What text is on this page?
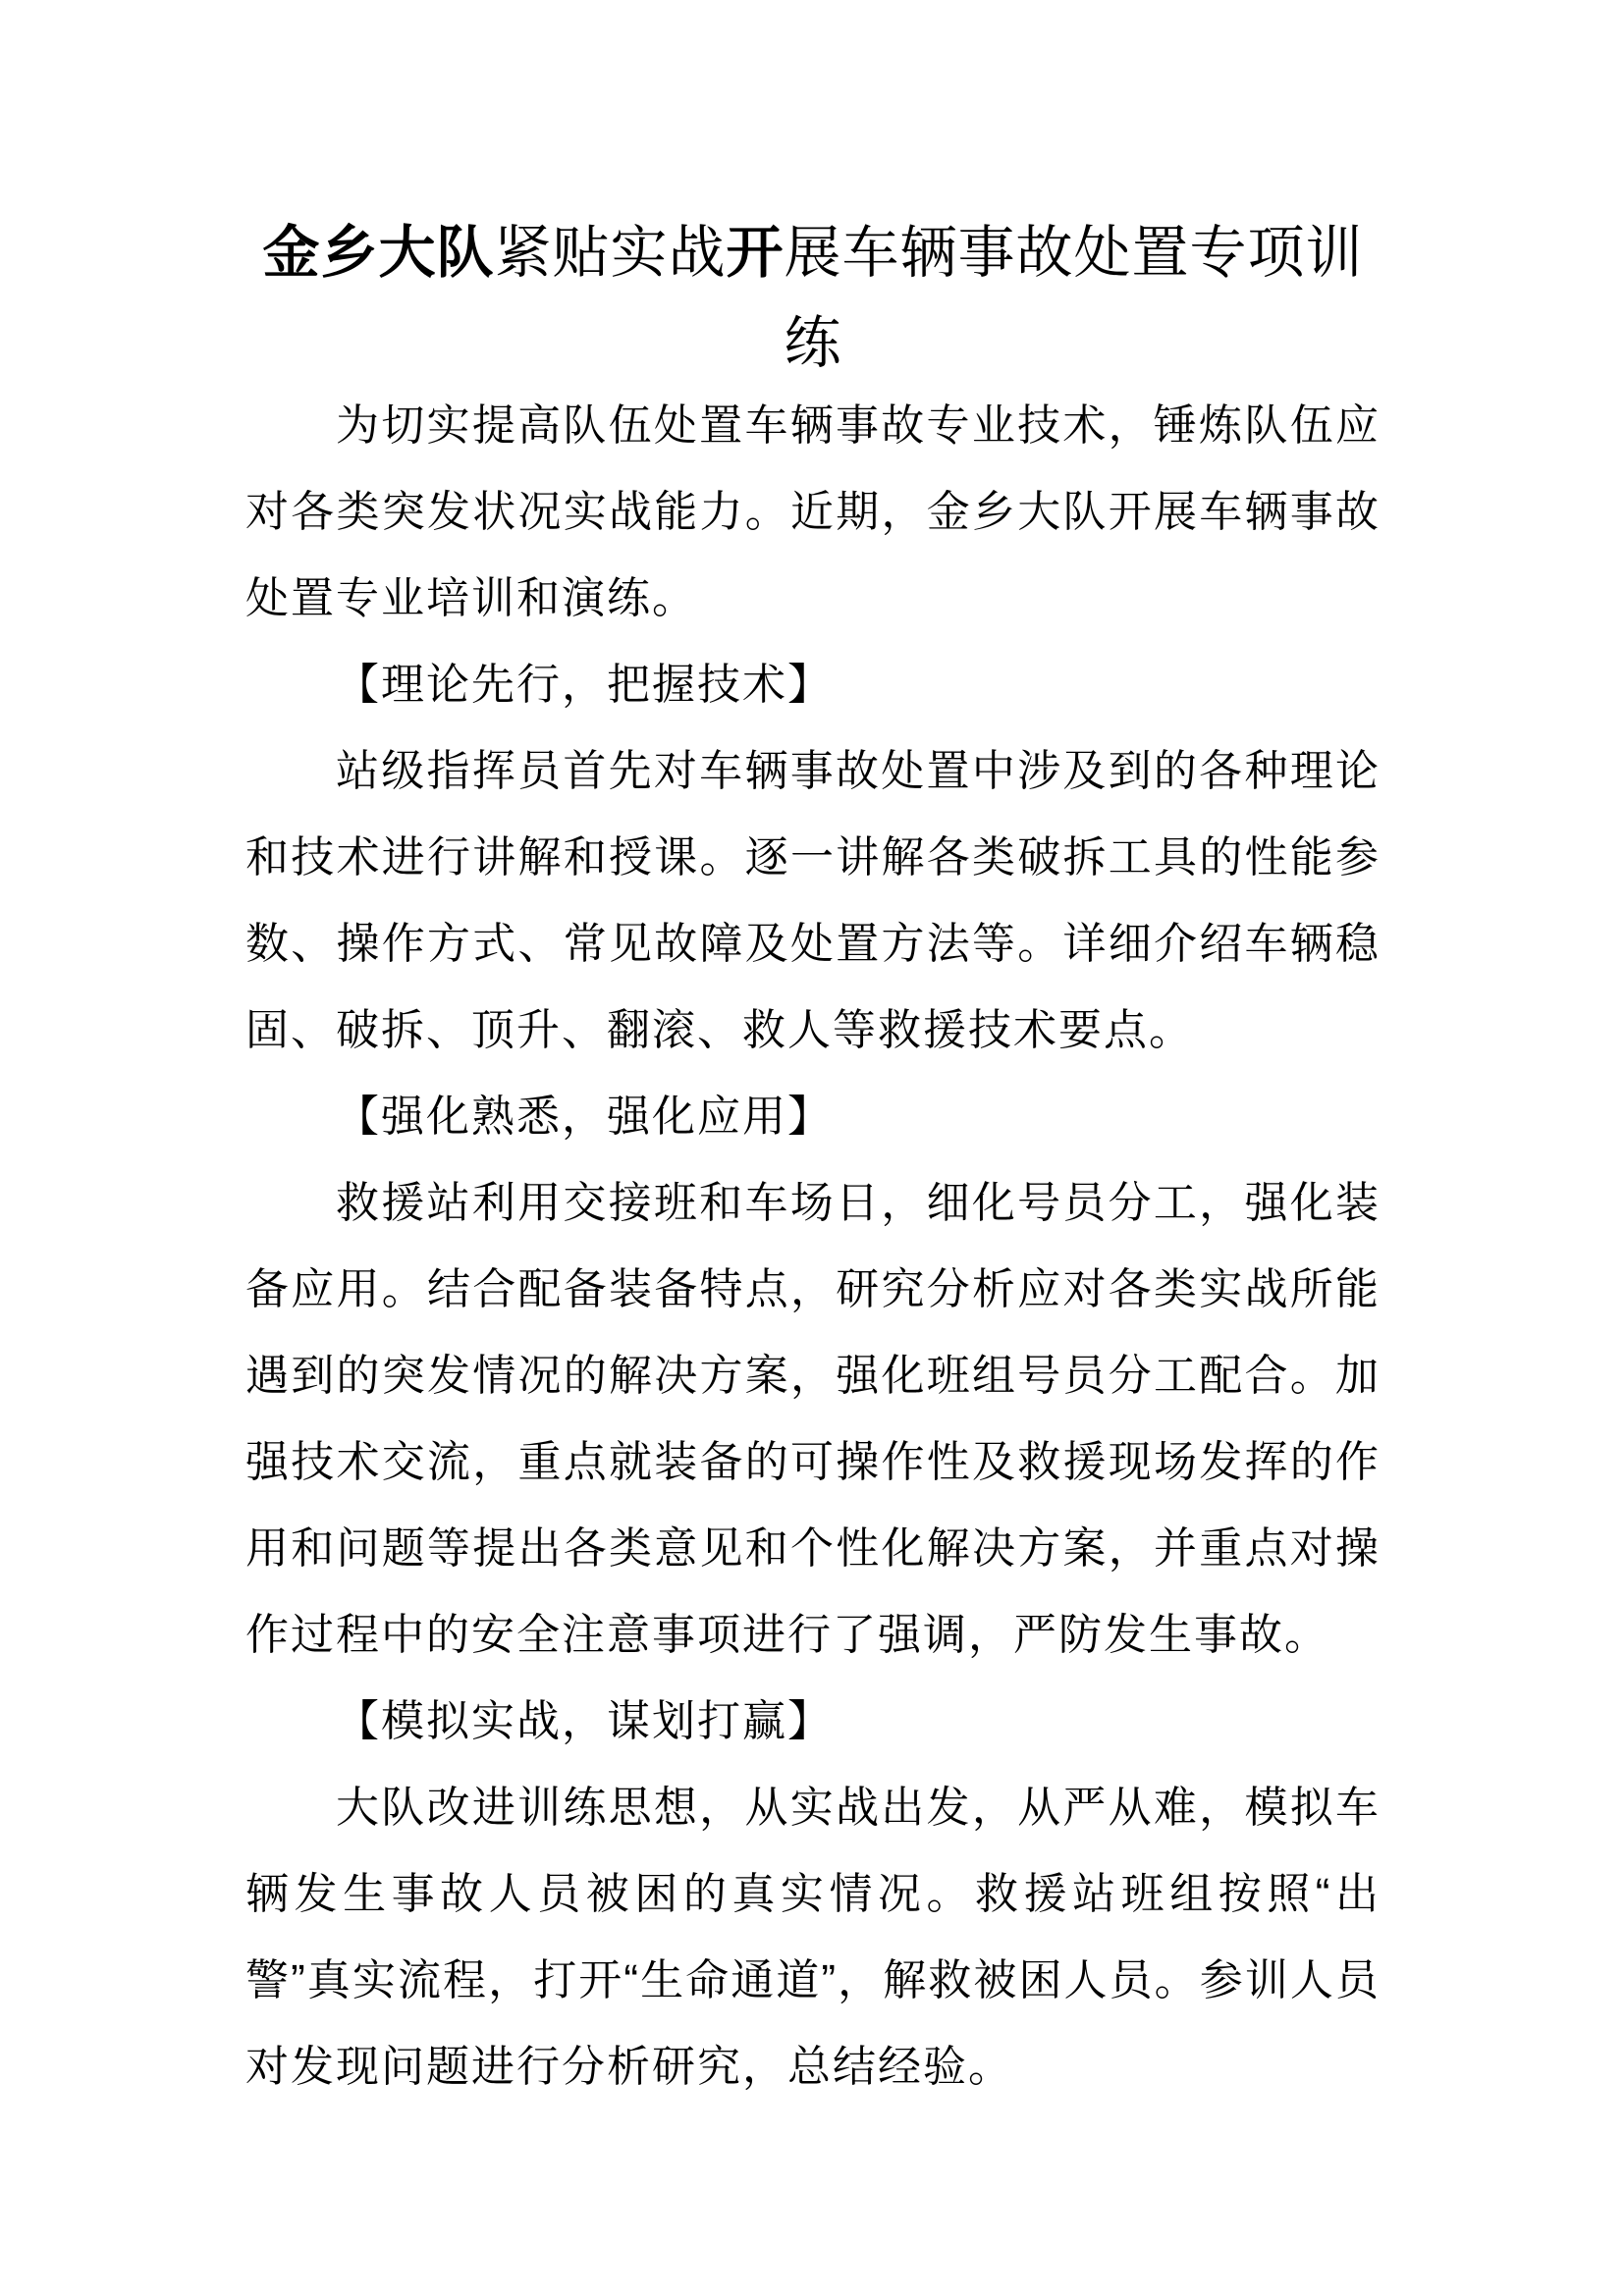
金乡大队紧贴实战开展车辆事故处置专项训练

为切实提高队伍处置车辆事故专业技术，锤炼队伍应对各类突发状况实战能力。近期，金乡大队开展车辆事故处置专业培训和演练。

【理论先行，把握技术】

站级指挥员首先对车辆事故处置中涉及到的各种理论和技术进行讲解和授课。逐一讲解各类破拆工具的性能参数、操作方式、常见故障及处置方法等。详细介绍车辆稳固、破拆、顶升、翻滚、救人等救援技术要点。

【强化熟悉，强化应用】

救援站利用交接班和车场日，细化号员分工，强化装备应用。结合配备装备特点，研究分析应对各类实战所能遇到的突发情况的解决方案，强化班组号员分工配合。加强技术交流，重点就装备的可操作性及救援现场发挥的作用和问题等提出各类意见和个性化解决方案，并重点对操作过程中的安全注意事项进行了强调，严防发生事故。

【模拟实战，谋划打赢】

大队改进训练思想，从实战出发，从严从难，模拟车辆发生事故人员被困的真实情况。救援站班组按照“出警”真实流程，打开“生命通道”，解救被困人员。参训人员对发现问题进行分析研究，总结经验。
